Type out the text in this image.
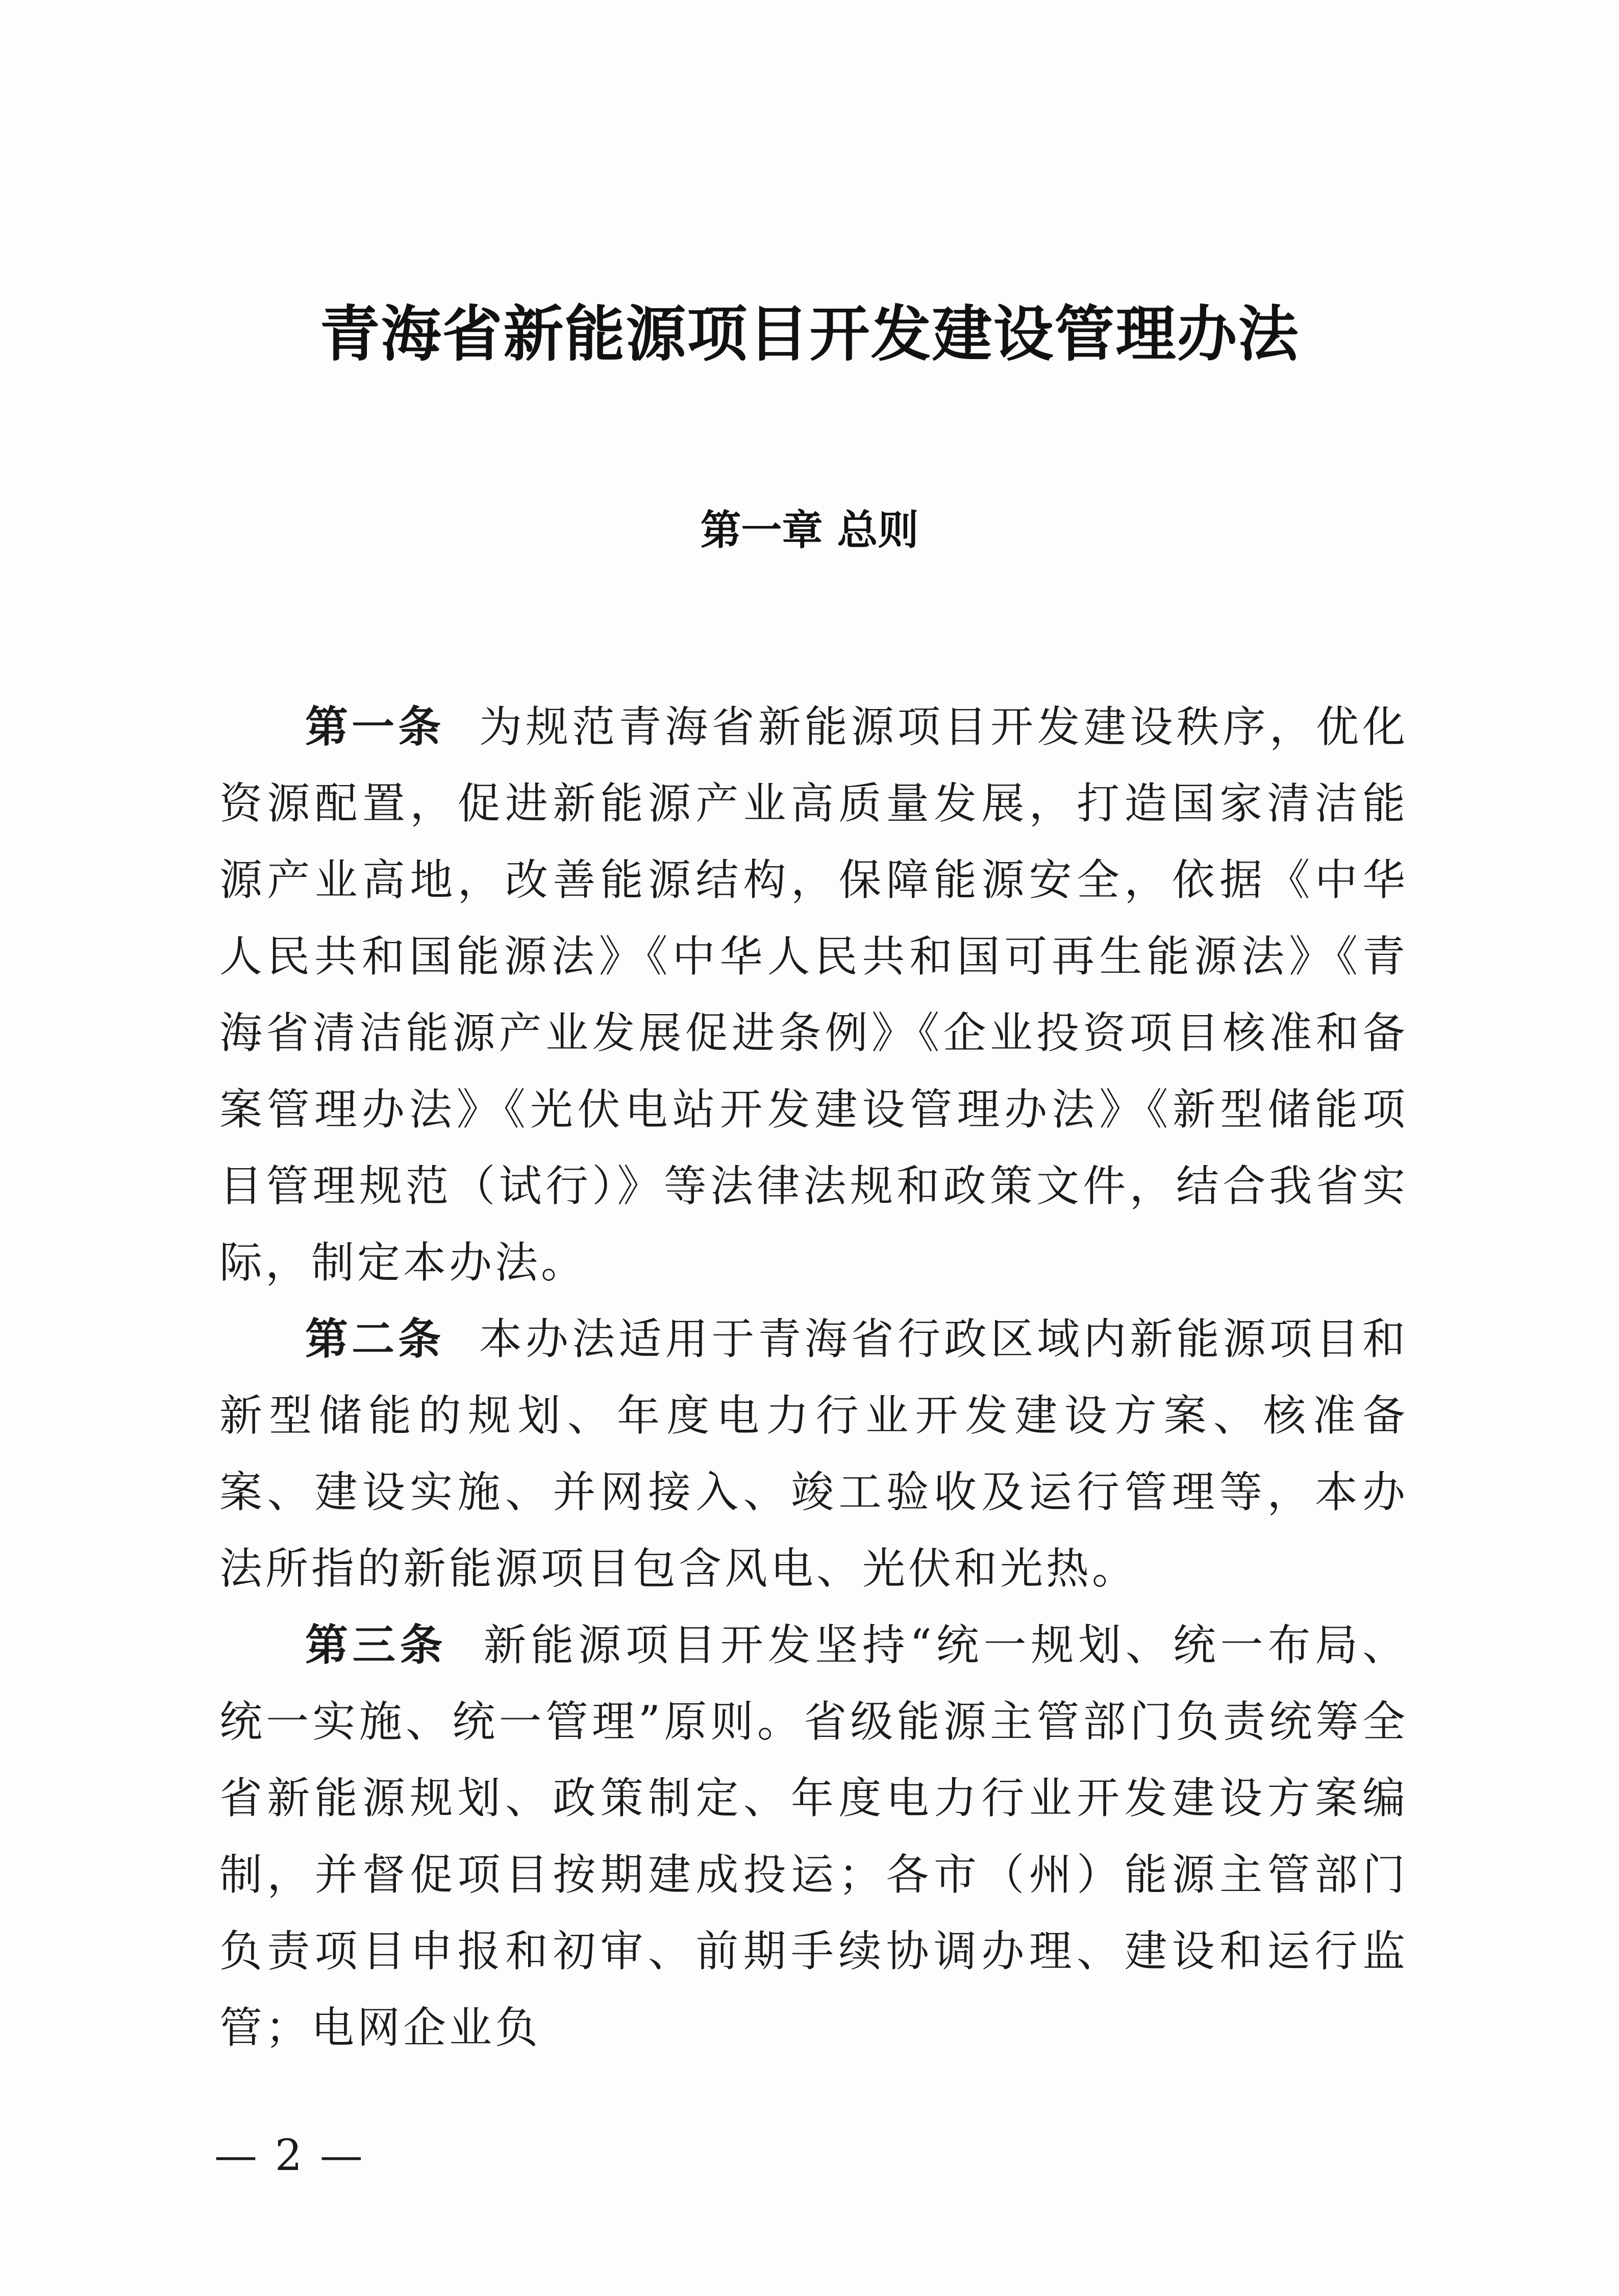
青海省新能源项目开发建设管理办法
第一章 总则

第一条 为规范青海省新能源项目开发建设秩序，优化资源配置，促进新能源产业高质量发展，打造国家清洁能源产业高地，改善能源结构，保障能源安全，依据《中华人民共和国能源法》《中华人民共和国可再生能源法》《青海省清洁能源产业发展促进条例》《企业投资项目核准和备案管理办法》《光伏电站开发建设管理办法》《新型储能项目管理规范（试行）》等法律法规和政策文件，结合我省实际，制定本办法。

第二条 本办法适用于青海省行政区域内新能源项目和新型储能的规划、年度电力行业开发建设方案、核准备案、建设实施、并网接入、竣工验收及运行管理等，本办法所指的新能源项目包含风电、光伏和光热。

第三条 新能源项目开发坚持“统一规划、统一布局、统一实施、统一管理”原则。省级能源主管部门负责统筹全省新能源规划、政策制定、年度电力行业开发建设方案编制，并督促项目按期建成投运；各市（州）能源主管部门负责项目申报和初审、前期手续协调办理、建设和运行监管；电网企业负

— 2 —
